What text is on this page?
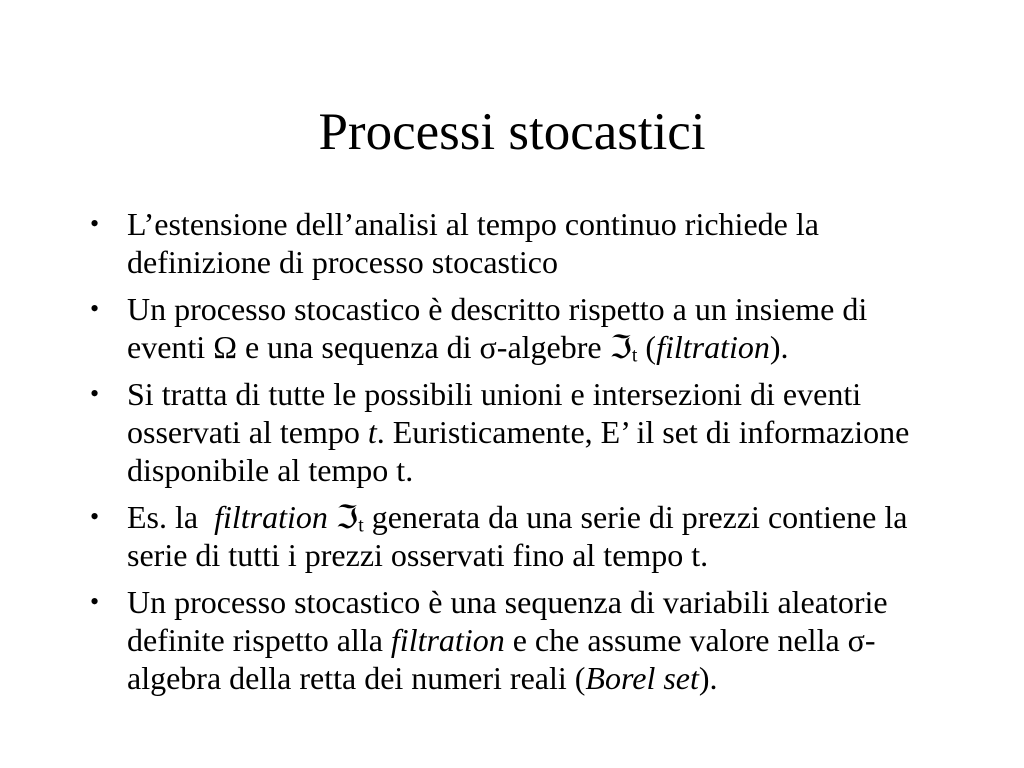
Processi stocastici
• L’estensione dell’analisi al tempo continuo richiede la definizione di processo stocastico
• Un processo stocastico è descritto rispetto a un insieme di eventi Ω e una sequenza di σ-algebre ℑt (filtration).
• Si tratta di tutte le possibili unioni e intersezioni di eventi osservati al tempo t. Euristicamente, E’ il set di informazione disponibile al tempo t.
• Es. la  filtration ℑt generata da una serie di prezzi contiene la serie di tutti i prezzi osservati fino al tempo t.
• Un processo stocastico è una sequenza di variabili aleatorie definite rispetto alla filtration e che assume valore nella σ-algebra della retta dei numeri reali (Borel set).
